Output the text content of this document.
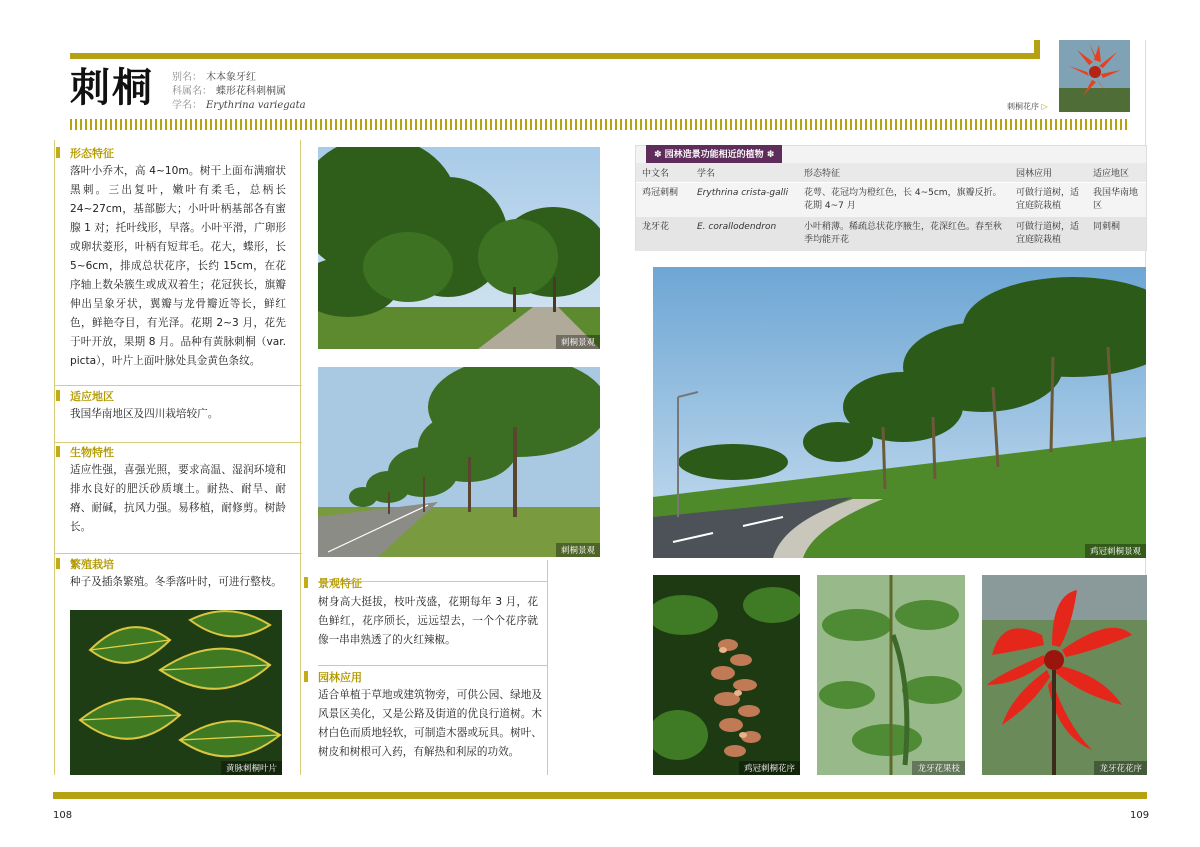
刺桐 别名： 木本象牙红
科属名： 蝶形花科刺桐属
学名： Erythrina variegata	刺桐花序 ▷
形态特征
落叶小乔木，高 4~10m。树干上面布满瘤状黑刺。三出复叶，嫩叶有柔毛，总柄长 24~27cm，基部膨大；小叶叶柄基部各有蜜腺 1 对；托叶线形，早落。小叶平滑，广卵形或卵状菱形，叶柄有短茸毛。花大，蝶形，长 5~6cm，排成总状花序，长约 15cm，在花序轴上数朵簇生或成双着生；花冠狭长，旗瓣伸出呈象牙状，翼瓣与龙骨瓣近等长，鲜红色，鲜艳夺目，有光泽。花期 2~3 月，花先于叶开放，果期 8 月。品种有黄脉刺桐（var. picta），叶片上面叶脉处具金黄色条纹。
适应地区
我国华南地区及四川栽培较广。
生物特性
适应性强，喜强光照，要求高温、湿润环境和排水良好的肥沃砂质壤土。耐热、耐旱、耐瘠、耐碱，抗风力强。易移植，耐修剪。树龄长。
繁殖栽培
种子及插条繁殖。冬季落叶时，可进行整枝。
黄脉刺桐叶片
刺桐景观
刺桐景观
景观特征
树身高大挺拔，枝叶茂盛，花期每年 3 月，花色鲜红，花序颀长，远远望去，一个个花序就像一串串熟透了的火红辣椒。
园林应用
适合单植于草地或建筑物旁，可供公园、绿地及风景区美化，又是公路及街道的优良行道树。木材白色而质地轻软，可制造木器或玩具。树叶、树皮和树根可入药，有解热和利尿的功效。
✽ 园林造景功能相近的植物 ✽
中文名	学名	形态特征	园林应用	适应地区
鸡冠刺桐	Erythrina crista-galli	花萼、花冠均为橙红色，长 4~5cm，旗瓣反折。花期 4~7 月	可做行道树，适宜庭院栽植	我国华南地区
龙牙花	E. corallodendron	小叶稍薄。稀疏总状花序腋生，花深红色。春至秋季均能开花	可做行道树，适宜庭院栽植	同刺桐
鸡冠刺桐景观
鸡冠刺桐花序	龙牙花果枝	龙牙花花序
108	109
